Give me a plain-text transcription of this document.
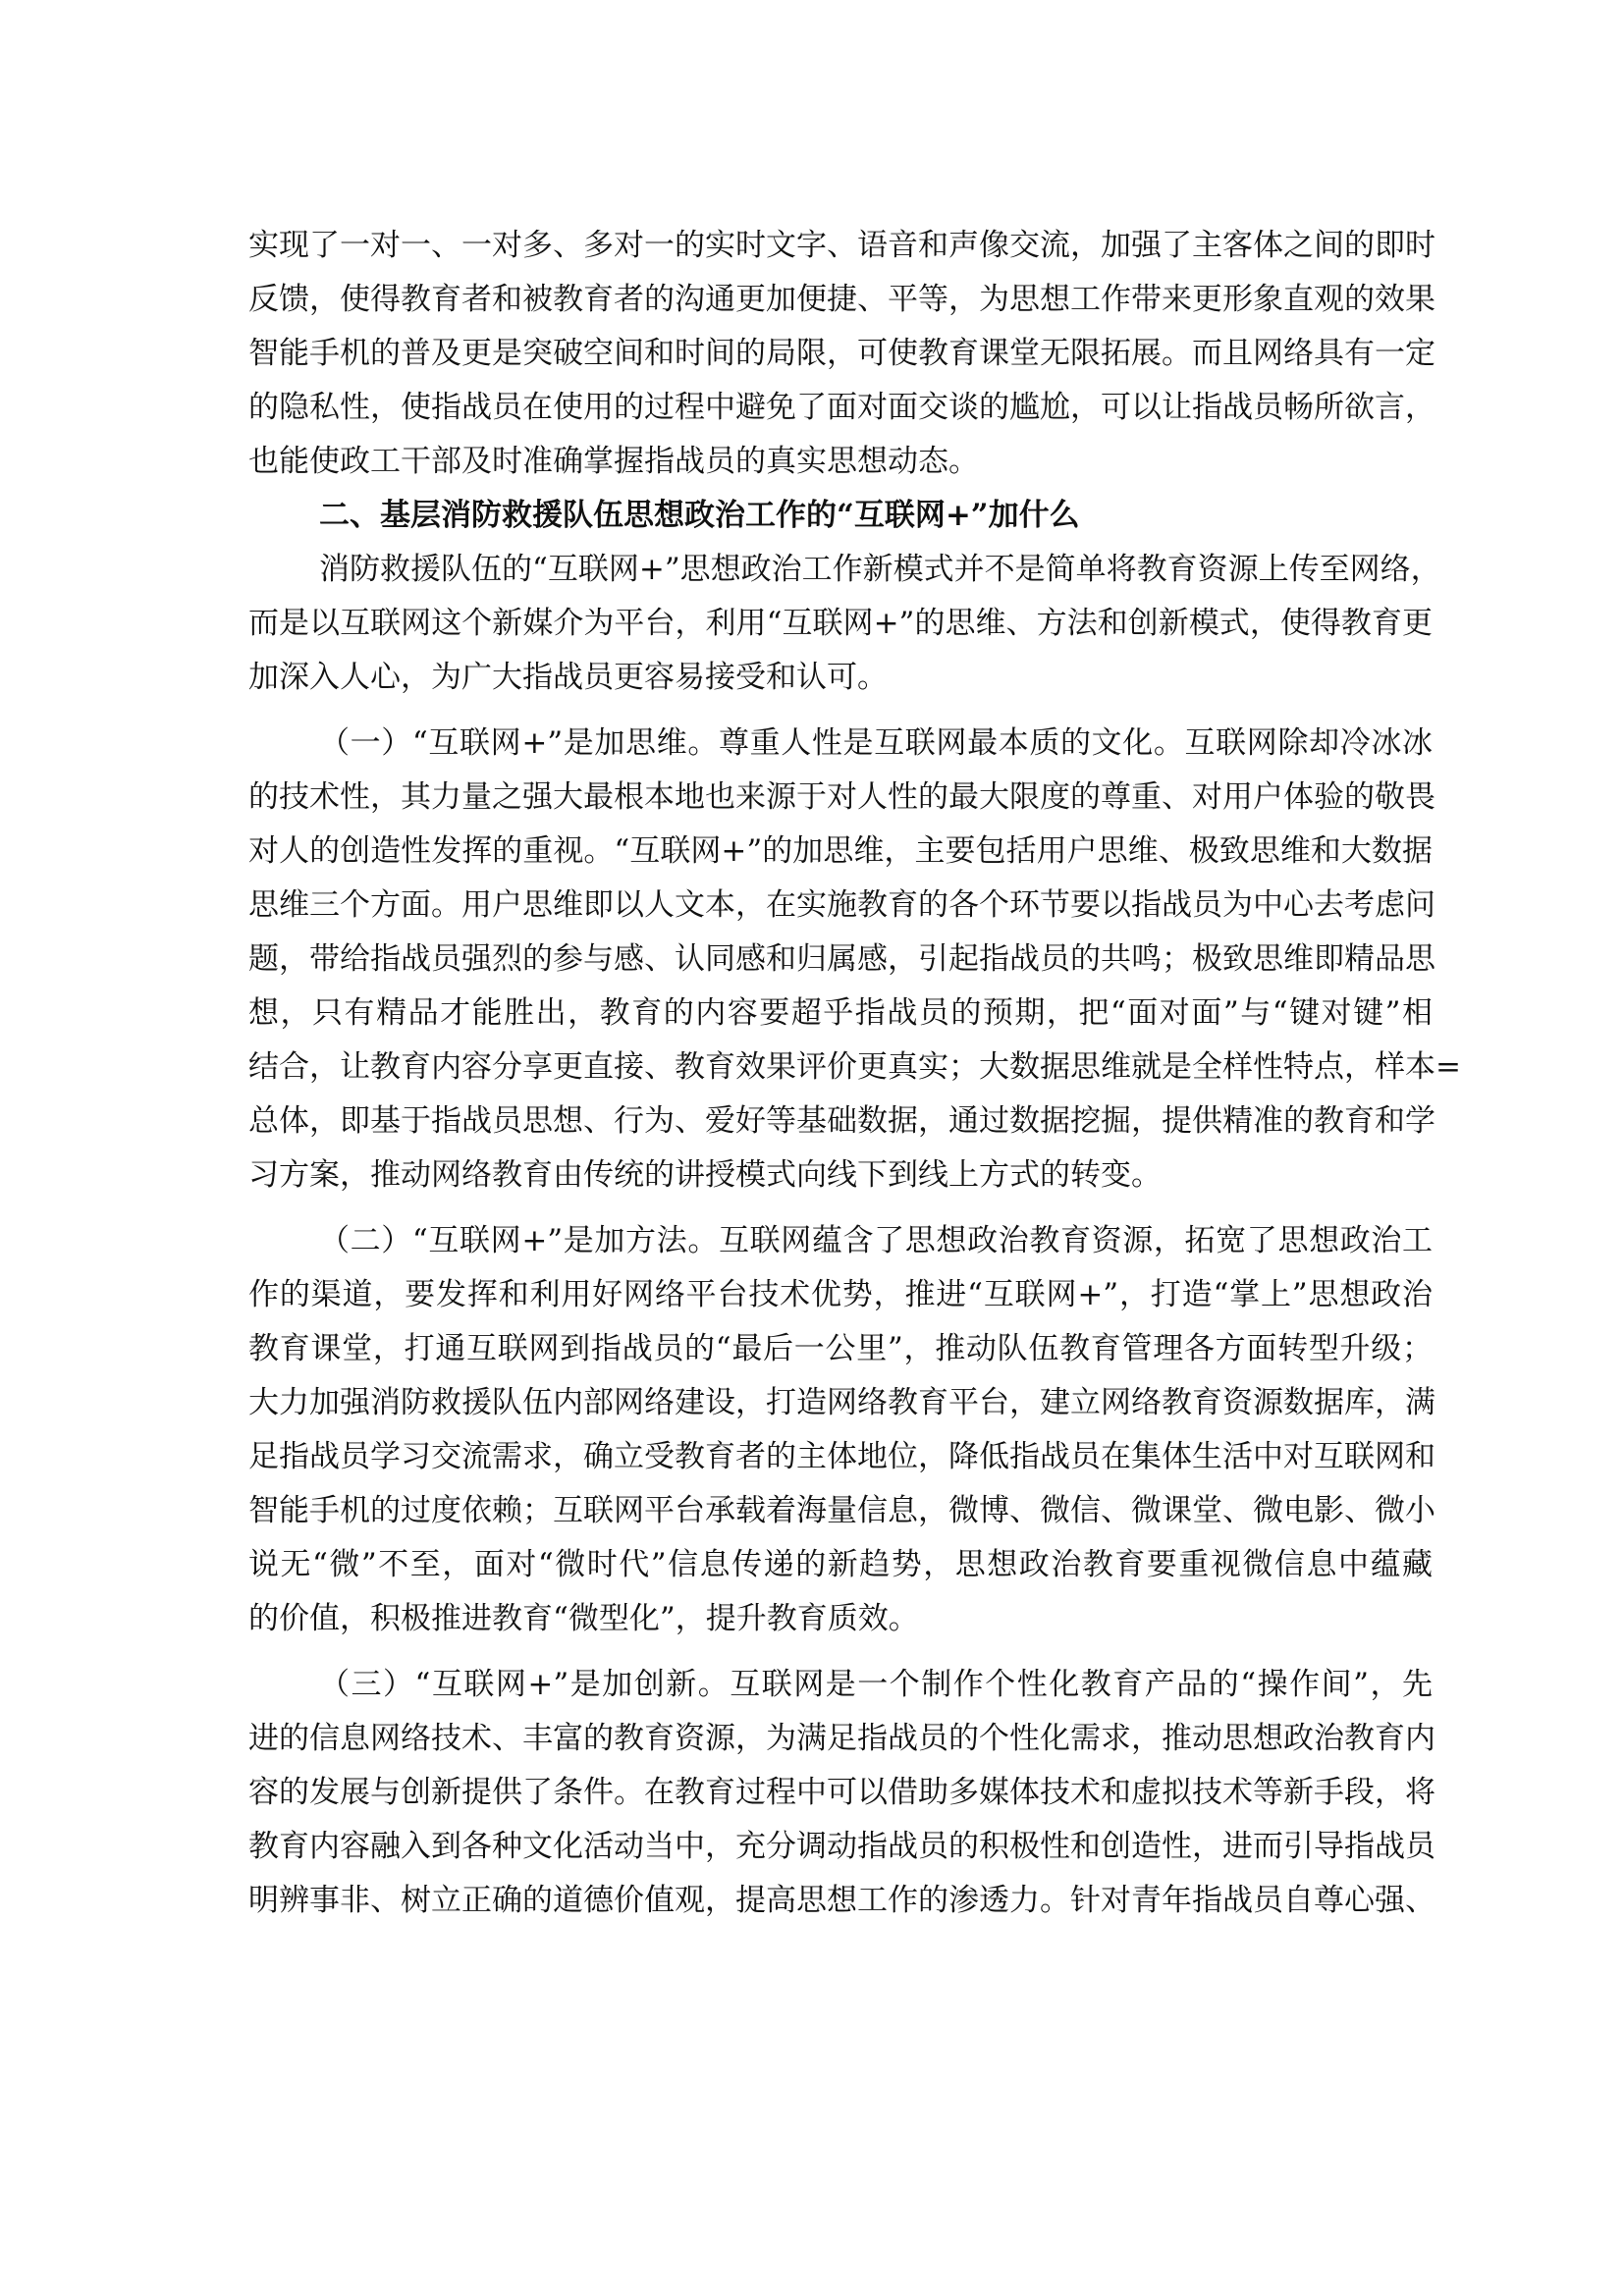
实现了一对一、一对多、多对一的实时文字、语音和声像交流，加强了主客体之间的即时
反馈，使得教育者和被教育者的沟通更加便捷、平等，为思想工作带来更形象直观的效果
智能手机的普及更是突破空间和时间的局限，可使教育课堂无限拓展。而且网络具有一定
的隐私性，使指战员在使用的过程中避免了面对面交谈的尴尬，可以让指战员畅所欲言，
也能使政工干部及时准确掌握指战员的真实思想动态。
二、基层消防救援队伍思想政治工作的“互联网+”加什么
消防救援队伍的“互联网+”思想政治工作新模式并不是简单将教育资源上传至网络，
而是以互联网这个新媒介为平台，利用“互联网+”的思维、方法和创新模式，使得教育更
加深入人心，为广大指战员更容易接受和认可。
（一）“互联网+”是加思维。尊重人性是互联网最本质的文化。互联网除却冷冰冰
的技术性，其力量之强大最根本地也来源于对人性的最大限度的尊重、对用户体验的敬畏
对人的创造性发挥的重视。“互联网+”的加思维，主要包括用户思维、极致思维和大数据
思维三个方面。用户思维即以人文本，在实施教育的各个环节要以指战员为中心去考虑问
题，带给指战员强烈的参与感、认同感和归属感，引起指战员的共鸣；极致思维即精品思
想，只有精品才能胜出，教育的内容要超乎指战员的预期，把“面对面”与“键对键”相
结合，让教育内容分享更直接、教育效果评价更真实；大数据思维就是全样性特点，样本=
总体，即基于指战员思想、行为、爱好等基础数据，通过数据挖掘，提供精准的教育和学
习方案，推动网络教育由传统的讲授模式向线下到线上方式的转变。
（二）“互联网+”是加方法。互联网蕴含了思想政治教育资源，拓宽了思想政治工
作的渠道，要发挥和利用好网络平台技术优势，推进“互联网+”，打造“掌上”思想政治
教育课堂，打通互联网到指战员的“最后一公里”，推动队伍教育管理各方面转型升级；
大力加强消防救援队伍内部网络建设，打造网络教育平台，建立网络教育资源数据库，满
足指战员学习交流需求，确立受教育者的主体地位，降低指战员在集体生活中对互联网和
智能手机的过度依赖；互联网平台承载着海量信息，微博、微信、微课堂、微电影、微小
说无“微”不至，面对“微时代”信息传递的新趋势，思想政治教育要重视微信息中蕴藏
的价值，积极推进教育“微型化”，提升教育质效。
（三）“互联网+”是加创新。互联网是一个制作个性化教育产品的“操作间”，先
进的信息网络技术、丰富的教育资源，为满足指战员的个性化需求，推动思想政治教育内
容的发展与创新提供了条件。在教育过程中可以借助多媒体技术和虚拟技术等新手段，将
教育内容融入到各种文化活动当中，充分调动指战员的积极性和创造性，进而引导指战员
明辨事非、树立正确的道德价值观，提高思想工作的渗透力。针对青年指战员自尊心强、
